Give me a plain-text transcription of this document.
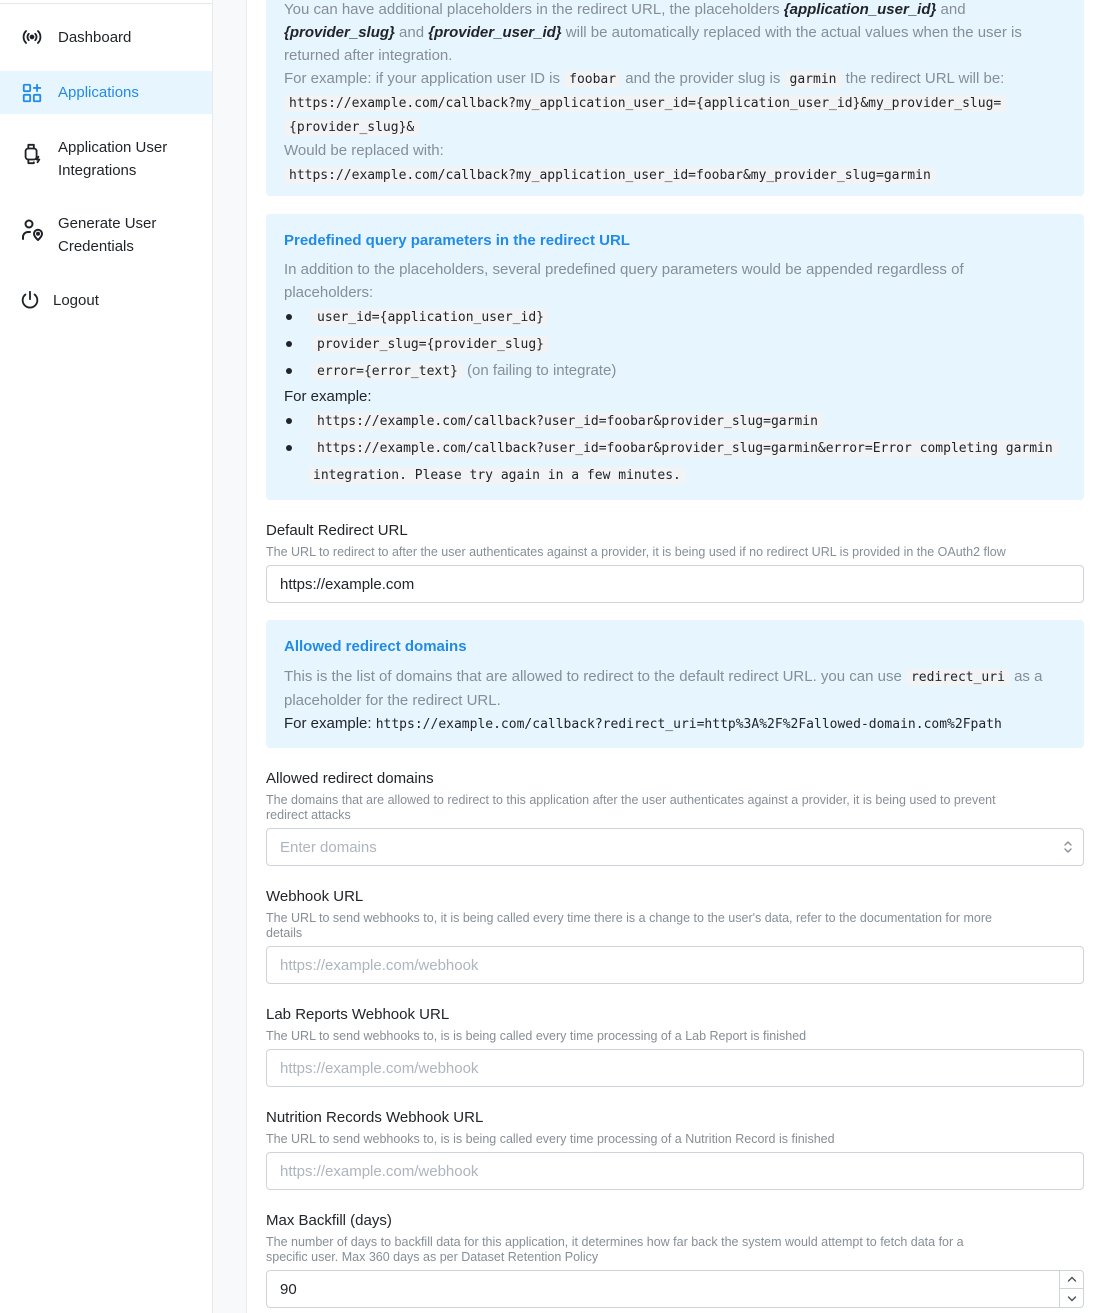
Dashboard
Applications
Application User
Integrations
Generate User
Credentials
Logout
You can have additional placeholders in the redirect URL, the placeholders {application_user_id} and
{provider_slug} and {provider_user_id} will be automatically replaced with the actual values when the user is
returned after integration.
For example: if your application user ID is foobar and the provider slug is garmin the redirect URL will be:
https://example.com/callback?my_application_user_id={application_user_id}&my_provider_slug=
{provider_slug}&
Would be replaced with:
https://example.com/callback?my_application_user_id=foobar&my_provider_slug=garmin
Predefined query parameters in the redirect URL
In addition to the placeholders, several predefined query parameters would be appended regardless of
placeholders:
user_id={application_user_id}
provider_slug={provider_slug}
error={error_text} (on failing to integrate)
For example:
https://example.com/callback?user_id=foobar&provider_slug=garmin
https://example.com/callback?user_id=foobar&provider_slug=garmin&error=Error completing garmin
integration. Please try again in a few minutes.
Default Redirect URL
The URL to redirect to after the user authenticates against a provider, it is being used if no redirect URL is provided in the OAuth2 flow
https://example.com
Allowed redirect domains
This is the list of domains that are allowed to redirect to the default redirect URL. you can use redirect_uri as a
placeholder for the redirect URL.
For example: https://example.com/callback?redirect_uri=http%3A%2F%2Fallowed-domain.com%2Fpath
Allowed redirect domains
The domains that are allowed to redirect to this application after the user authenticates against a provider, it is being used to prevent
redirect attacks
Enter domains
Webhook URL
The URL to send webhooks to, it is being called every time there is a change to the user's data, refer to the documentation for more
details
https://example.com/webhook
Lab Reports Webhook URL
The URL to send webhooks to, is is being called every time processing of a Lab Report is finished
https://example.com/webhook
Nutrition Records Webhook URL
The URL to send webhooks to, is is being called every time processing of a Nutrition Record is finished
https://example.com/webhook
Max Backfill (days)
The number of days to backfill data for this application, it determines how far back the system would attempt to fetch data for a
specific user. Max 360 days as per Dataset Retention Policy
90
